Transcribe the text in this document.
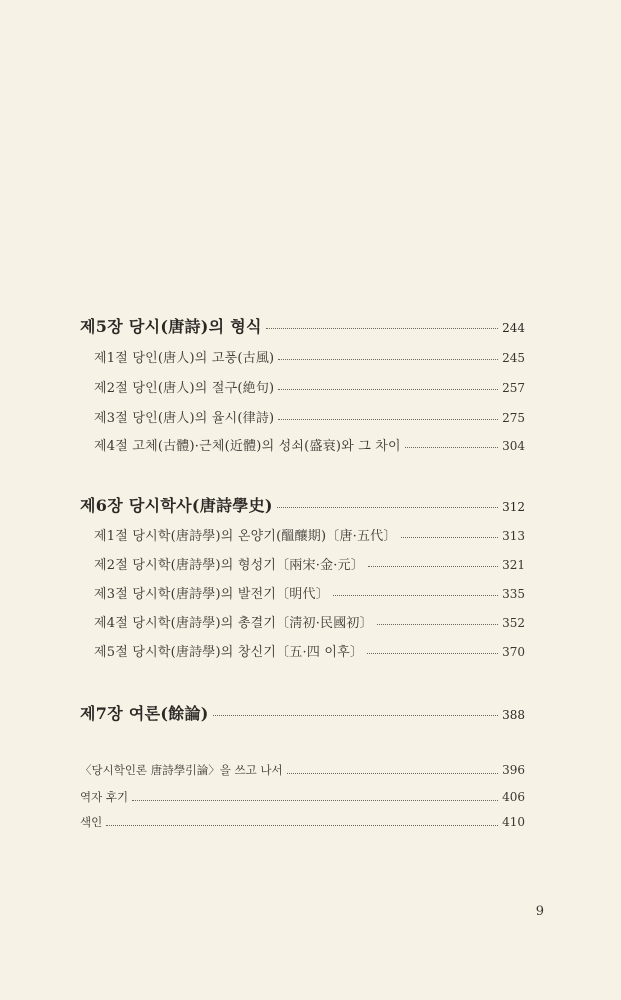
제5장 당시(唐詩)의 형식	244
제1절 당인(唐人)의 고풍(古風)	245
제2절 당인(唐人)의 절구(絶句)	257
제3절 당인(唐人)의 율시(律詩)	275
제4절 고체(古體)·근체(近體)의 성쇠(盛衰)와 그 차이	304
제6장 당시학사(唐詩學史)	312
제1절 당시학(唐詩學)의 온양기(醞釀期)〔唐·五代〕	313
제2절 당시학(唐詩學)의 형성기〔兩宋·金·元〕	321
제3절 당시학(唐詩學)의 발전기〔明代〕	335
제4절 당시학(唐詩學)의 총결기〔淸初·民國初〕	352
제5절 당시학(唐詩學)의 창신기〔五·四 이후〕	370
제7장 여론(餘論)	388
〈당시학인론 唐詩學引論〉을 쓰고 나서	396
역자 후기	406
색인	410
9
